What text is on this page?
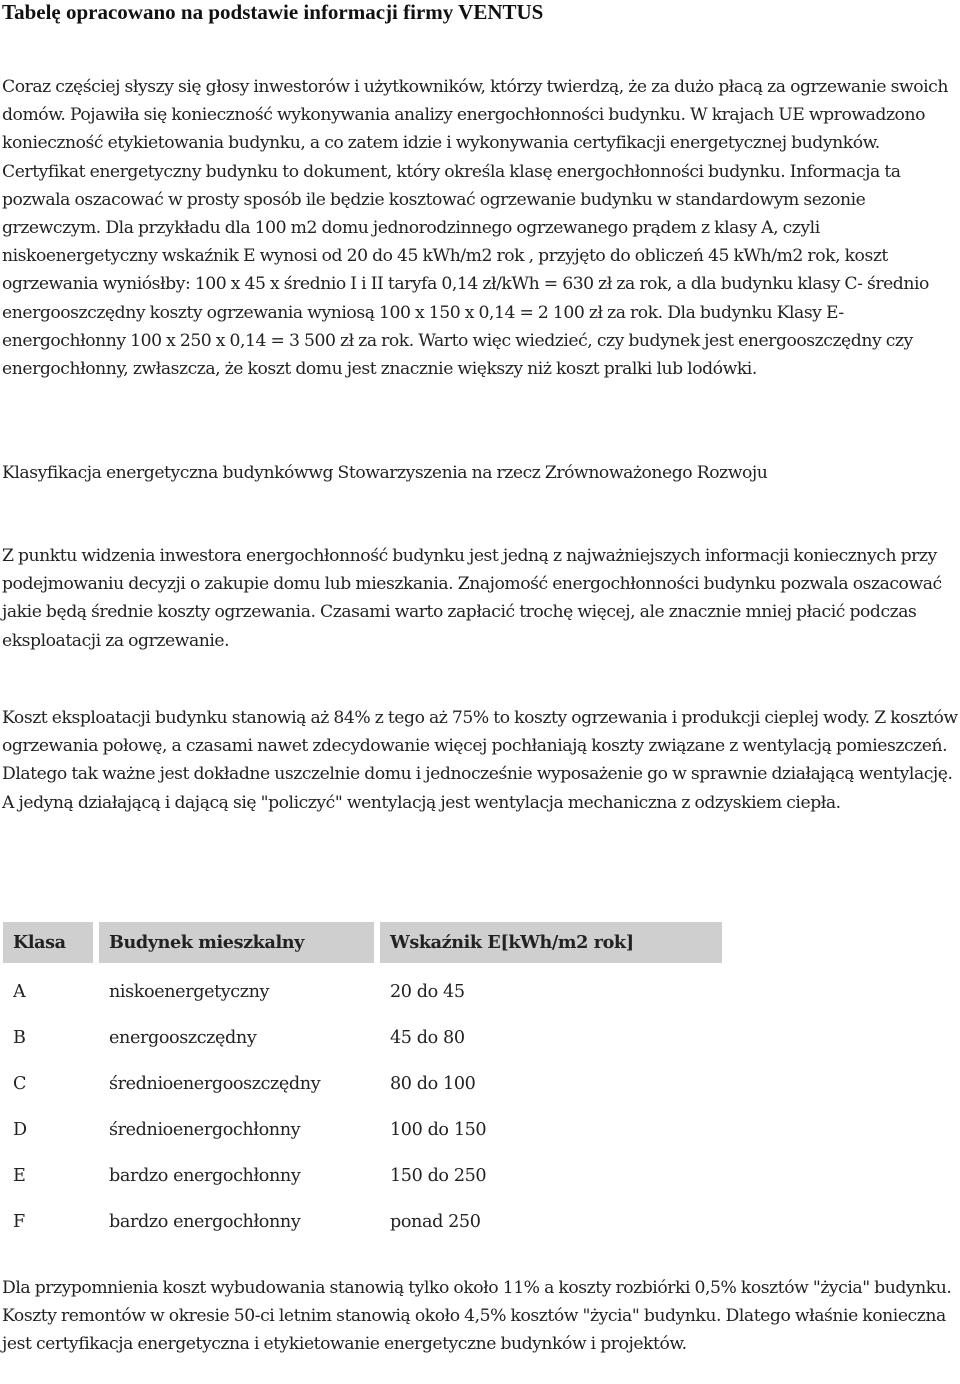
Tabelę opracowano na podstawie informacji firmy VENTUS

Coraz częściej słyszy się głosy inwestorów i użytkowników, którzy twierdzą, że za dużo płacą za ogrzewanie swoich domów. Pojawiła się konieczność wykonywania analizy energochłonności budynku. W krajach UE wprowadzono konieczność etykietowania budynku, a co zatem idzie i wykonywania certyfikacji energetycznej budynków. Certyfikat energetyczny budynku to dokument, który określa klasę energochłonności budynku. Informacja ta pozwala oszacować w prosty sposób ile będzie kosztować ogrzewanie budynku w standardowym sezonie grzewczym. Dla przykładu dla 100 m2 domu jednorodzinnego ogrzewanego prądem z klasy A, czyli niskoenergetyczny wskaźnik E wynosi od 20 do 45 kWh/m2 rok , przyjęto do obliczeń 45 kWh/m2 rok, koszt ogrzewania wyniósłby: 100 x 45 x średnio I i II taryfa 0,14 zł/kWh = 630 zł za rok, a dla budynku klasy C- średnio energooszczędny koszty ogrzewania wyniosą 100 x 150 x 0,14 = 2 100 zł za rok. Dla budynku Klasy E- energochłonny 100 x 250 x 0,14 = 3 500 zł za rok. Warto więc wiedzieć, czy budynek jest energooszczędny czy energochłonny, zwłaszcza, że koszt domu jest znacznie większy niż koszt pralki lub lodówki.

Klasyfikacja energetyczna budynkówwg Stowarzyszenia na rzecz Zrównoważonego Rozwoju

Z punktu widzenia inwestora energochłonność budynku jest jedną z najważniejszych informacji koniecznych przy podejmowaniu decyzji o zakupie domu lub mieszkania. Znajomość energochłonności budynku pozwala oszacować jakie będą średnie koszty ogrzewania. Czasami warto zapłacić trochę więcej, ale znacznie mniej płacić podczas eksploatacji za ogrzewanie.

Koszt eksploatacji budynku stanowią aż 84% z tego aż 75% to koszty ogrzewania i produkcji cieplej wody. Z kosztów ogrzewania połowę, a czasami nawet zdecydowanie więcej pochłaniają koszty związane z wentylacją pomieszczeń. Dlatego tak ważne jest dokładne uszczelnie domu i jednocześnie wyposażenie go w sprawnie działającą wentylację. A jedyną działającą i dającą się "policzyć" wentylacją jest wentylacja mechaniczna z odzyskiem ciepła.

Klasa	Budynek mieszkalny	Wskaźnik E[kWh/m2 rok]
A	niskoenergetyczny	20 do 45
B	energooszczędny	45 do 80
C	średnioenergooszczędny	80 do 100
D	średnioenergochłonny	100 do 150
E	bardzo energochłonny	150 do 250
F	bardzo energochłonny	ponad 250

Dla przypomnienia koszt wybudowania stanowią tylko około 11% a koszty rozbiórki 0,5% kosztów "życia" budynku. Koszty remontów w okresie 50-ci letnim stanowią około 4,5% kosztów "życia" budynku. Dlatego właśnie konieczna jest certyfikacja energetyczna i etykietowanie energetyczne budynków i projektów.
